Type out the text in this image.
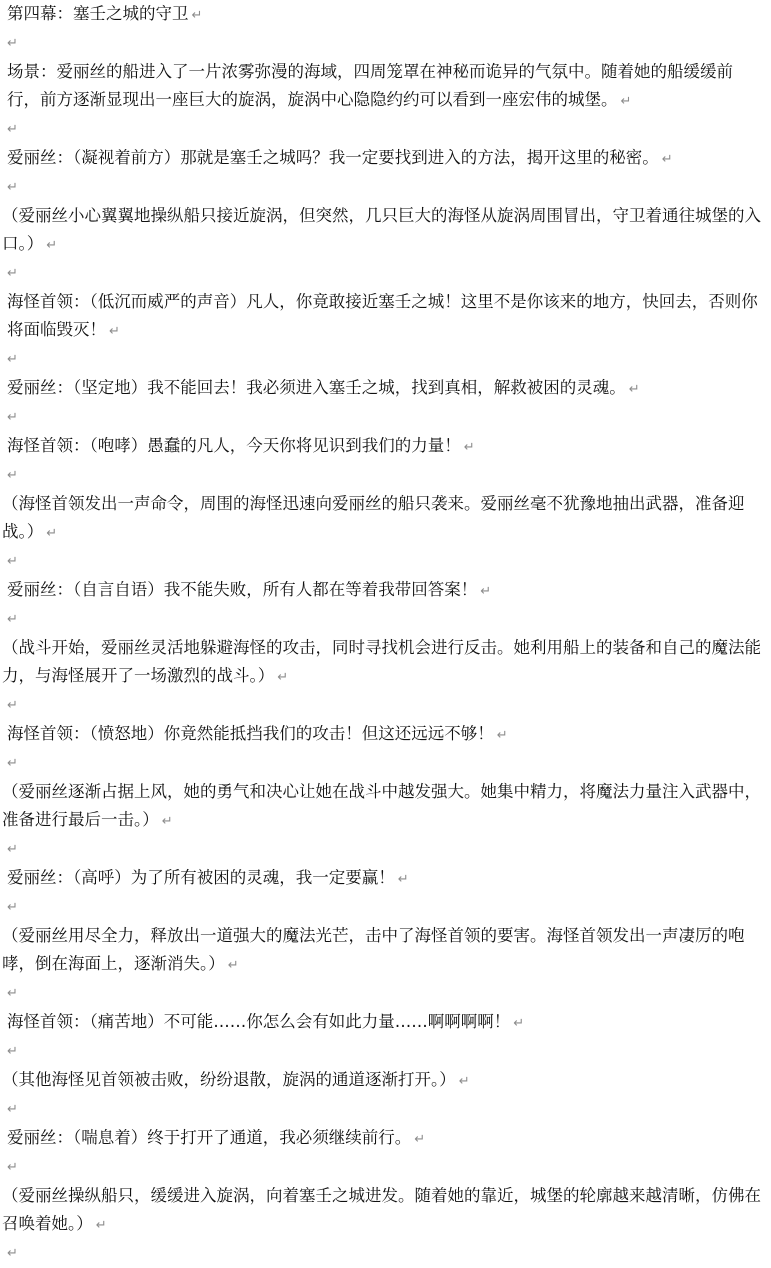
第四幕：塞壬之城的守卫 ↵

↵

场景：爱丽丝的船进入了一片浓雾弥漫的海域，四周笼罩在神秘而诡异的气氛中。随着她的船缓缓前行，前方逐渐显现出一座巨大的旋涡，旋涡中心隐隐约约可以看到一座宏伟的城堡。 ↵

↵

爱丽丝：（凝视着前方）那就是塞壬之城吗？我一定要找到进入的方法，揭开这里的秘密。 ↵

↵

（爱丽丝小心翼翼地操纵船只接近旋涡，但突然，几只巨大的海怪从旋涡周围冒出，守卫着通往城堡的入口。） ↵

↵

海怪首领：（低沉而威严的声音）凡人，你竟敢接近塞壬之城！这里不是你该来的地方，快回去，否则你将面临毁灭！ ↵

↵

爱丽丝：（坚定地）我不能回去！我必须进入塞壬之城，找到真相，解救被困的灵魂。 ↵

↵

海怪首领：（咆哮）愚蠢的凡人，今天你将见识到我们的力量！ ↵

↵

（海怪首领发出一声命令，周围的海怪迅速向爱丽丝的船只袭来。爱丽丝毫不犹豫地抽出武器，准备迎战。） ↵

↵

爱丽丝：（自言自语）我不能失败，所有人都在等着我带回答案！ ↵

↵

（战斗开始，爱丽丝灵活地躲避海怪的攻击，同时寻找机会进行反击。她利用船上的装备和自己的魔法能力，与海怪展开了一场激烈的战斗。） ↵

↵

海怪首领：（愤怒地）你竟然能抵挡我们的攻击！但这还远远不够！ ↵

↵

（爱丽丝逐渐占据上风，她的勇气和决心让她在战斗中越发强大。她集中精力，将魔法力量注入武器中，准备进行最后一击。） ↵

↵

爱丽丝：（高呼）为了所有被困的灵魂，我一定要赢！ ↵

↵

（爱丽丝用尽全力，释放出一道强大的魔法光芒，击中了海怪首领的要害。海怪首领发出一声凄厉的咆哮，倒在海面上，逐渐消失。） ↵

↵

海怪首领：（痛苦地）不可能……你怎么会有如此力量……啊啊啊啊！ ↵

↵

（其他海怪见首领被击败，纷纷退散，旋涡的通道逐渐打开。） ↵

↵

爱丽丝：（喘息着）终于打开了通道，我必须继续前行。 ↵

↵

（爱丽丝操纵船只，缓缓进入旋涡，向着塞壬之城进发。随着她的靠近，城堡的轮廓越来越清晰，仿佛在召唤着她。） ↵

↵
